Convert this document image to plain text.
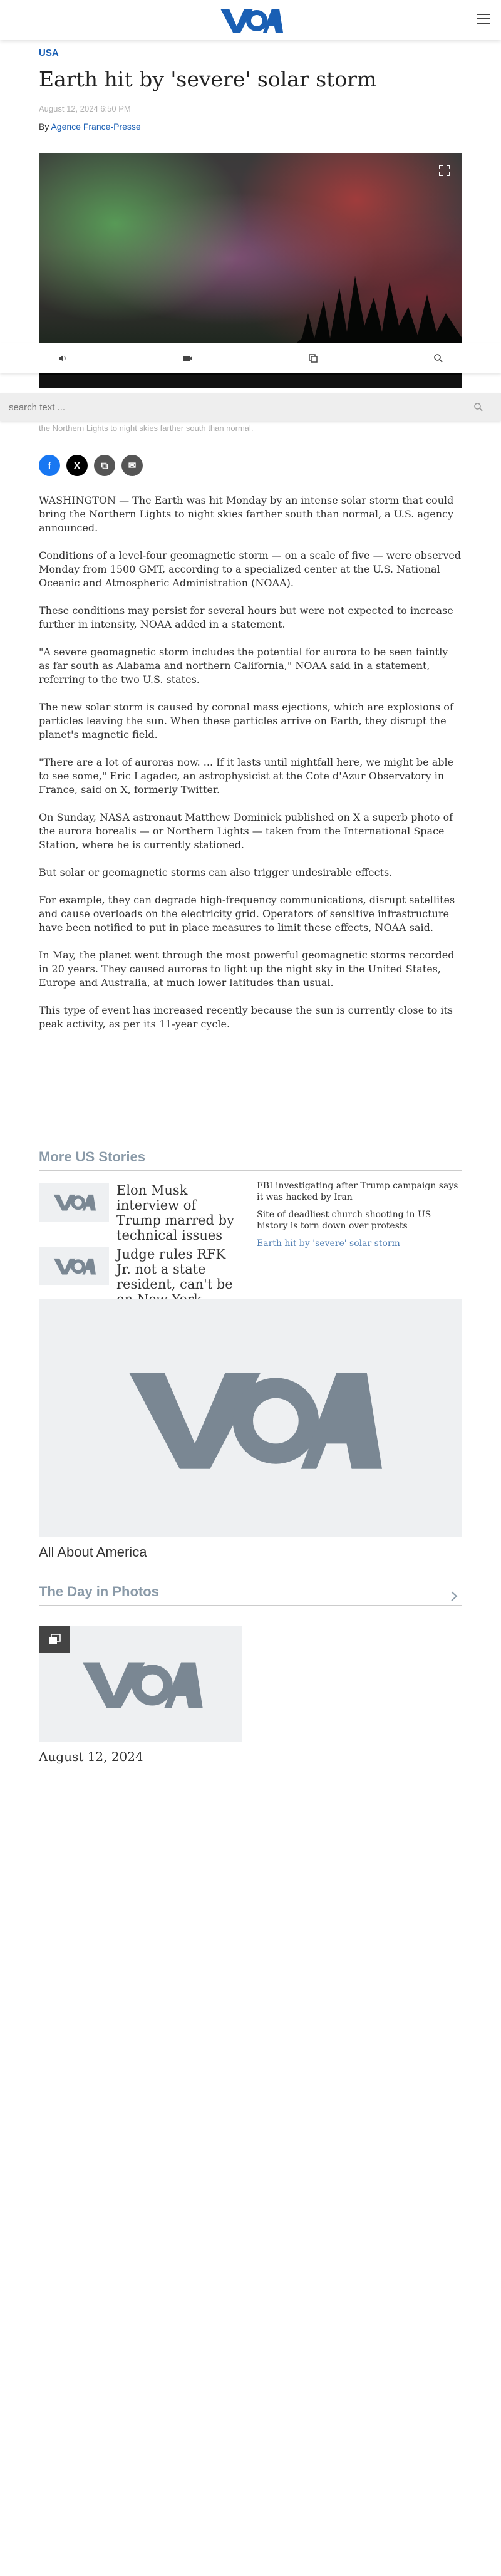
USA
Earth hit by 'severe' solar storm
August 12, 2024 6:50 PM
By Agence France-Presse
search text ...
the Northern Lights to night skies farther south than normal.
f	X	⧉	✉

WASHINGTON — The Earth was hit Monday by an intense solar storm that could bring the Northern Lights to night skies farther south than normal, a U.S. agency announced.

Conditions of a level-four geomagnetic storm — on a scale of five — were observed Monday from 1500 GMT, according to a specialized center at the U.S. National Oceanic and Atmospheric Administration (NOAA).

These conditions may persist for several hours but were not expected to increase further in intensity, NOAA added in a statement.

"A severe geomagnetic storm includes the potential for aurora to be seen faintly as far south as Alabama and northern California," NOAA said in a statement, referring to the two U.S. states.

The new solar storm is caused by coronal mass ejections, which are explosions of particles leaving the sun. When these particles arrive on Earth, they disrupt the planet's magnetic field.

"There are a lot of auroras now. ... If it lasts until nightfall here, we might be able to see some," Eric Lagadec, an astrophysicist at the Cote d'Azur Observatory in France, said on X, formerly Twitter.

On Sunday, NASA astronaut Matthew Dominick published on X a superb photo of the aurora borealis — or Northern Lights — taken from the International Space Station, where he is currently stationed.

But solar or geomagnetic storms can also trigger undesirable effects.

For example, they can degrade high-frequency communications, disrupt satellites and cause overloads on the electricity grid. Operators of sensitive infrastructure have been notified to put in place measures to limit these effects, NOAA said.

In May, the planet went through the most powerful geomagnetic storms recorded in 20 years. They caused auroras to light up the night sky in the United States, Europe and Australia, at much lower latitudes than usual.

This type of event has increased recently because the sun is currently close to its peak activity, as per its 11-year cycle.

More US Stories
Elon Musk interview of Trump marred by technical issues
Judge rules RFK Jr. not a state resident, can't be
FBI investigating after Trump campaign says it was hacked by Iran
Site of deadliest church shooting in US history is torn down over protests
Earth hit by 'severe' solar storm
All About America
The Day in Photos
August 12, 2024
